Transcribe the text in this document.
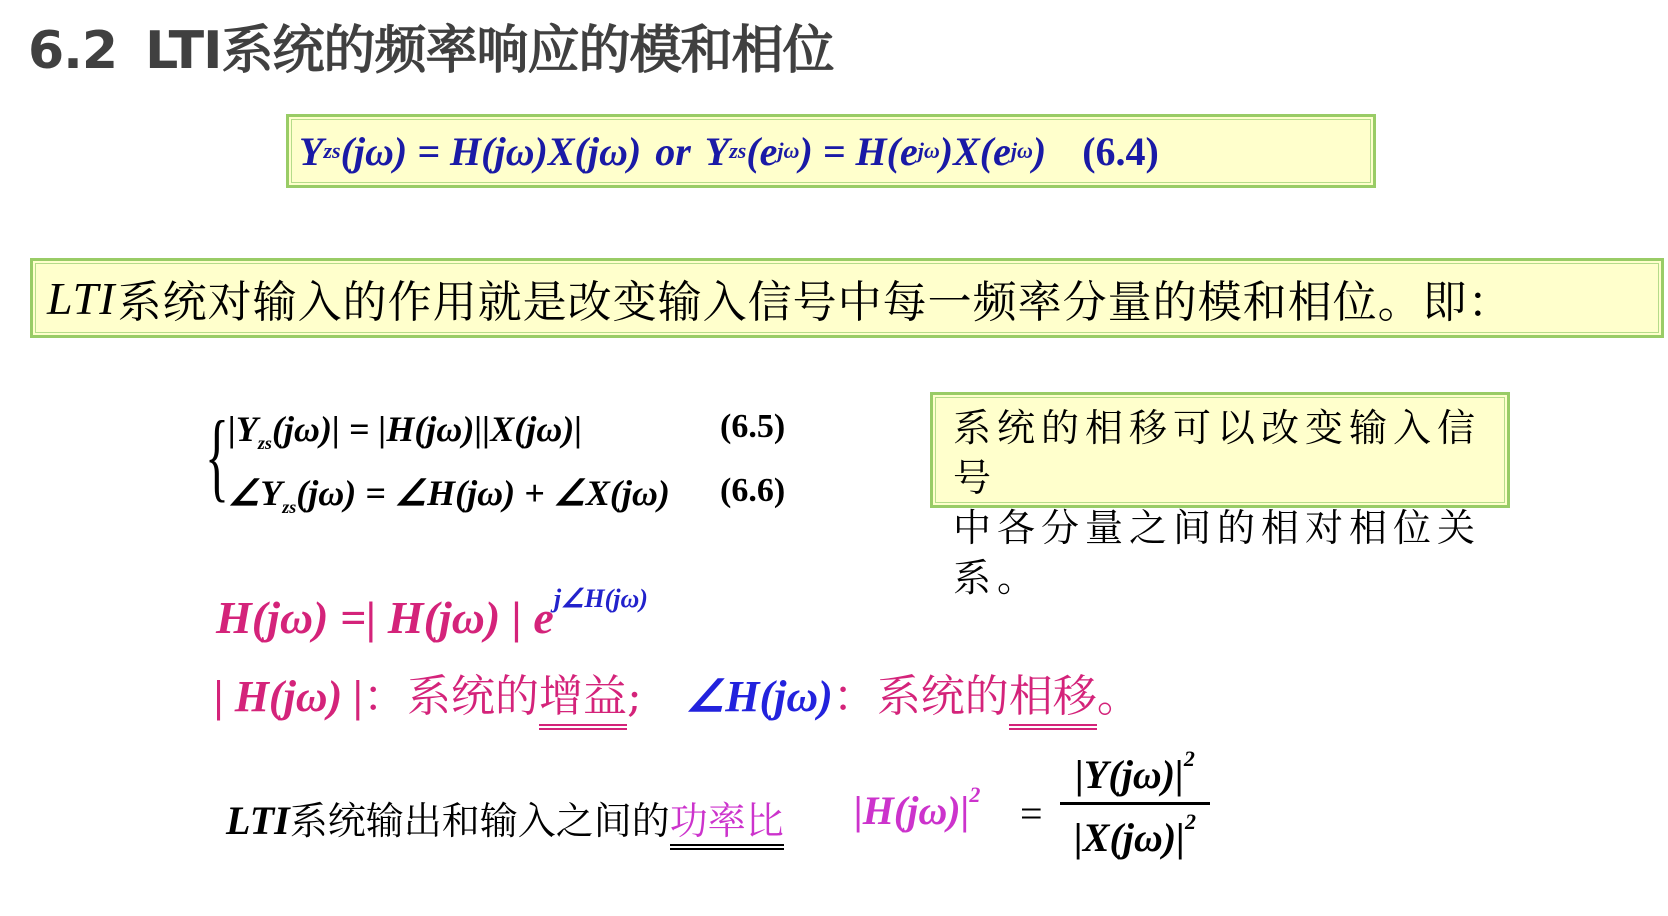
6.2 LTI系统的频率响应的模和相位
Y zs (jω) = H(jω)X(jω) or Y zs (e jω ) = H(e jω )X(e jω ) (6.4)
LTI 系统对输入的作用就是改变输入信号中每一频率分量的模和相位。即：
{ $|Y_{zs}(j\omega)| = |H(j\omega)||X(j\omega)|$	(6.5)
$\angle Y_{zs}(j\omega)$ = ∠H(jω) + ∠X(jω) (6.6)
系统的相移可以改变输入信号
中各分量之间的相对相位关系。
H(jω) =| H(jω) | $e^{j\angle H(j\omega)}$
| H(jω) |：系统的增益; ∠H(jω)：系统的相移。
LTI系统输出和输入之间的功率比 $|H(j\omega)|^2 = \frac{|Y(j\omega)|^2}{|X(j\omega)|^2}$
